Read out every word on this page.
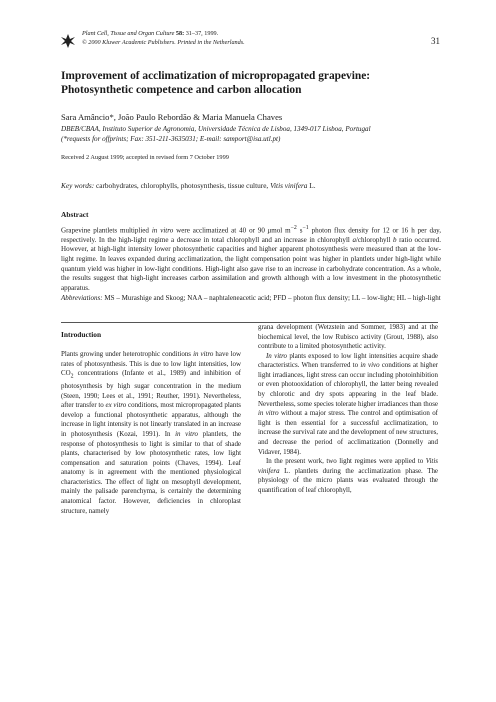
Plant Cell, Tissue and Organ Culture 58: 31–37, 1999.
© 2000 Kluwer Academic Publishers. Printed in the Netherlands.	31
Improvement of acclimatization of micropropagated grapevine: Photosynthetic competence and carbon allocation
Sara Amâncio*, João Paulo Rebordão & Maria Manuela Chaves
DBEB/CBAA, Instituto Superior de Agronomia, Universidade Técnica de Lisboa, 1349-017 Lisboa, Portugal
(*requests for offprints; Fax: 351-211-3635031; E-mail: samport@isa.utl.pt)
Received 2 August 1999; accepted in revised form 7 October 1999
Key words: carbohydrates, chlorophylls, photosynthesis, tissue culture, Vitis vinifera L.
Abstract
Grapevine plantlets multiplied in vitro were acclimatized at 40 or 90 μmol $m^{-2}$ $s^{-1}$ photon flux density for 12 or 16 h per day, respectively. In the high-light regime a decrease in total chlorophyll and an increase in chlorophyll a/chlorophyll b ratio occurred. However, at high-light intensity lower photosynthetic capacities and higher apparent photosynthesis were measured than at the low-light regime. In leaves expanded during acclimatization, the light compensation point was higher in plantlets under high-light while quantum yield was higher in low-light conditions. High-light also gave rise to an increase in carbohydrate concentration. As a whole, the results suggest that high-light increases carbon assimilation and growth although with a low investment in the photosynthetic apparatus.
Abbreviations: MS – Murashige and Skoog; NAA – naphtaleneacetic acid; PFD – photon flux density; LL – low-light; HL – high-light
Introduction

Plants growing under heterotrophic conditions in vitro have low rates of photosynthesis. This is due to low light intensities, low $CO_2$ concentrations (Infante et al., 1989) and inhibition of photosynthesis by high sugar concentration in the medium (Steen, 1990; Lees et al., 1991; Reuther, 1991). Nevertheless, after transfer to ex vitro conditions, most micropropagated plants develop a functional photosynthetic apparatus, although the increase in light intensity is not linearly translated in an increase in photosynthesis (Kozai, 1991). In in vitro plantlets, the response of photosynthesis to light is similar to that of shade plants, characterised by low photosynthetic rates, low light compensation and saturation points (Chaves, 1994). Leaf anatomy is in agreement with the mentioned physiological characteristics. The effect of light on mesophyll development, mainly the palisade parenchyma, is certainly the determining anatomical factor. However, deficiencies in chloroplast structure, namely

grana development (Wetzstein and Sommer, 1983) and at the biochemical level, the low Rubisco activity (Grout, 1988), also contribute to a limited photosynthetic activity.

In vitro plants exposed to low light intensities acquire shade characteristics. When transferred to in vivo conditions at higher light irradiances, light stress can occur including photoinhibition or even photooxidation of chlorophyll, the latter being revealed by chlorotic and dry spots appearing in the leaf blade. Nevertheless, some species tolerate higher irradiances than those in vitro without a major stress. The control and optimisation of light is then essential for a successful acclimatization, to increase the survival rate and the development of new structures, and decrease the period of acclimatization (Donnelly and Vidaver, 1984).

In the present work, two light regimes were applied to Vitis vinifera L. plantlets during the acclimatization phase. The physiology of the micro plants was evaluated through the quantification of leaf chlorophyll,
